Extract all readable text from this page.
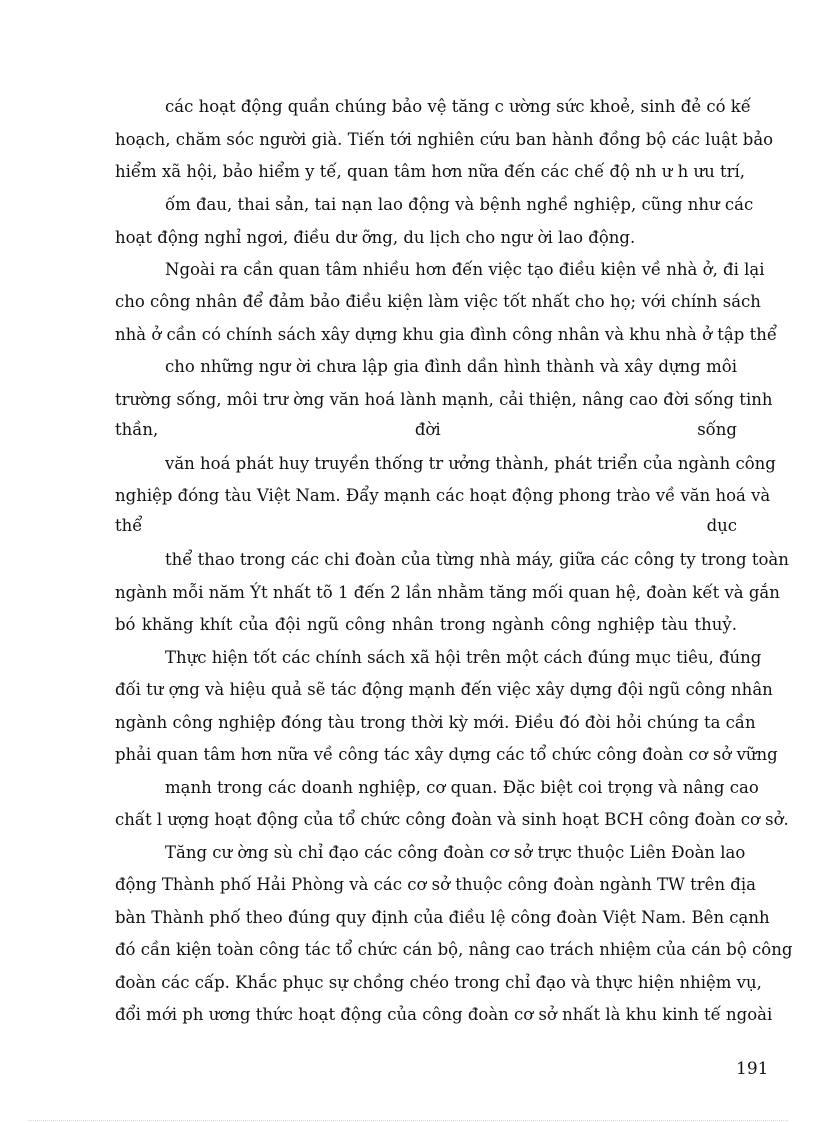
các hoạt động quần chúng bảo vệ tăng c ường sức khoẻ, sinh đẻ có kế
hoạch, chăm sóc người già. Tiến tới nghiên cứu ban hành đồng bộ các luật bảo
hiểm xã hội, bảo hiểm y tế, quan tâm hơn nữa đến các chế độ nh ư h ưu trí,
ốm đau, thai sản, tai nạn lao động và bệnh nghề nghiệp, cũng như các
hoạt động nghỉ ngơi, điều dư ỡng, du lịch cho ngư ời lao động.
Ngoài ra cần quan tâm nhiều hơn đến việc tạo điều kiện về nhà ở, đi lại
cho công nhân để đảm bảo điều kiện làm việc tốt nhất cho họ; với chính sách
nhà ở cần có chính sách xây dựng khu gia đình công nhân và khu nhà ở tập thể
cho những ngư ời chưa lập gia đình dần hình thành và xây dựng môi
trường sống, môi trư ờng văn hoá lành mạnh, cải thiện, nâng cao đời sống tinh
thần,	đời	sống
văn hoá phát huy truyền thống tr ưởng thành, phát triển của ngành công
nghiệp đóng tàu Việt Nam. Đẩy mạnh các hoạt động phong trào về văn hoá và
thể	dục
thể thao trong các chi đoàn của từng nhà máy, giữa các công ty trong toàn
ngành mỗi năm Ýt nhất tõ 1 đến 2 lần nhằm tăng mối quan hệ, đoàn kết và gắn
bó khăng khít của đội ngũ công nhân trong ngành công nghiệp tàu thuỷ.
Thực hiện tốt các chính sách xã hội trên một cách đúng mục tiêu, đúng
đối tư ợng và hiệu quả sẽ tác động mạnh đến việc xây dựng đội ngũ công nhân
ngành công nghiệp đóng tàu trong thời kỳ mới. Điều đó đòi hỏi chúng ta cần
phải quan tâm hơn nữa về công tác xây dựng các tổ chức công đoàn cơ sở vững
mạnh trong các doanh nghiệp, cơ quan. Đặc biệt coi trọng và nâng cao
chất l ượng hoạt động của tổ chức công đoàn và sinh hoạt BCH công đoàn cơ sở.
Tăng cư ờng sù chỉ đạo các công đoàn cơ sở trực thuộc Liên Đoàn lao
động Thành phố Hải Phòng và các cơ sở thuộc công đoàn ngành TW trên địa
bàn Thành phố theo đúng quy định của điều lệ công đoàn Việt Nam. Bên cạnh
đó cần kiện toàn công tác tổ chức cán bộ, nâng cao trách nhiệm của cán bộ công
đoàn các cấp. Khắc phục sự chồng chéo trong chỉ đạo và thực hiện nhiệm vụ,
đổi mới ph ương thức hoạt động của công đoàn cơ sở nhất là khu kinh tế ngoài
191
